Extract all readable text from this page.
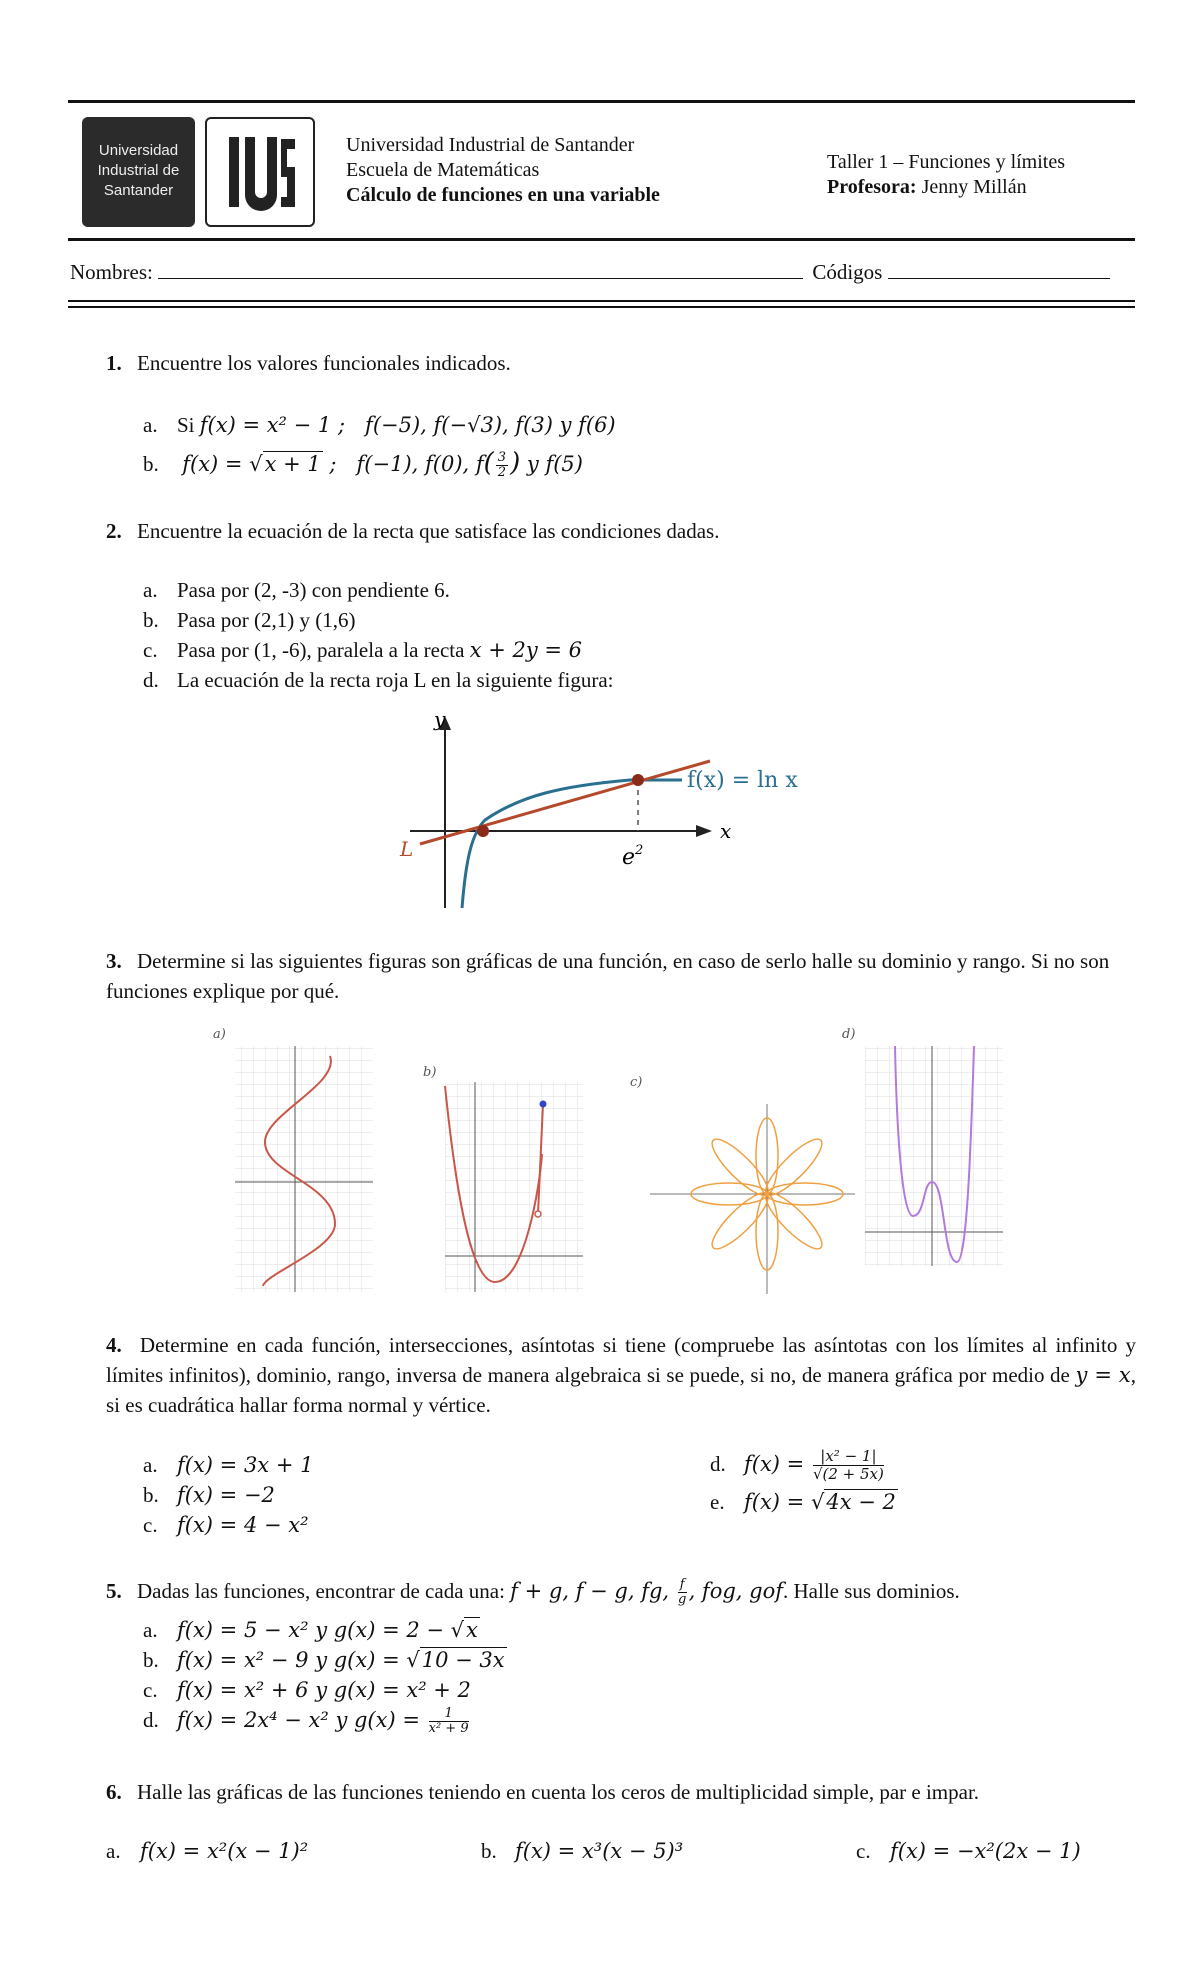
Universidad
Industrial de
Santander
Universidad Industrial de Santander
Escuela de Matemáticas
Cálculo de funciones en una variable
Taller 1 – Funciones y límites
Profesora: Jenny Millán
Nombres:	Códigos
1. Encuentre los valores funcionales indicados.
a. Si f(x) = x² − 1 ;   f(−5), f(−√3), f(3) y f(6)
b. f(x) = √x + 1 ;   f(−1), f(0), $f( \frac{3}{2}$ ) y f(5)
2. Encuentre la ecuación de la recta que satisface las condiciones dadas.
a. Pasa por (2, -3) con pendiente 6.
b. Pasa por (2,1) y (1,6)
c. Pasa por (1, -6), paralela a la recta x + 2y = 6
d. La ecuación de la recta roja L en la siguiente figura:
y
x
L
f(x) = ln x
$e^2$
3. Determine si las siguientes figuras son gráficas de una función, en caso de serlo halle su dominio y rango. Si no son funciones explique por qué.
a)
b)
c)
d)
4. Determine en cada función, intersecciones, asíntotas si tiene (compruebe las asíntotas con los límites al infinito y límites infinitos), dominio, rango, inversa de manera algebraica si se puede, si no, de manera gráfica por medio de y = x, si es cuadrática hallar forma normal y vértice.
a. f(x) = 3x + 1
b. f(x) = −2
c. f(x) = 4 − x²
d. $f(x) = \frac{\text{|x² − 1|}}{√(2 + 5x)}$
e. f(x) = √4x − 2
5. Dadas las funciones, encontrar de cada una: f + g, f − g, fg, $\frac{f}{g}$ , fog, gof. Halle sus dominios.
a. f(x) = 5 − x² y g(x) = 2 − √x
b. f(x) = x² − 9 y g(x) = √10 − 3x
c. f(x) = x² + 6 y g(x) = x² + 2
d. f(x) = 2x⁴ − x² y $g(x) = \frac{1}{\text{x² + 9}}$
6. Halle las gráficas de las funciones teniendo en cuenta los ceros de multiplicidad simple, par e impar.
a. f(x) = x²(x − 1)²	b. f(x) = x³(x − 5)³	c. f(x) = −x²(2x − 1)
